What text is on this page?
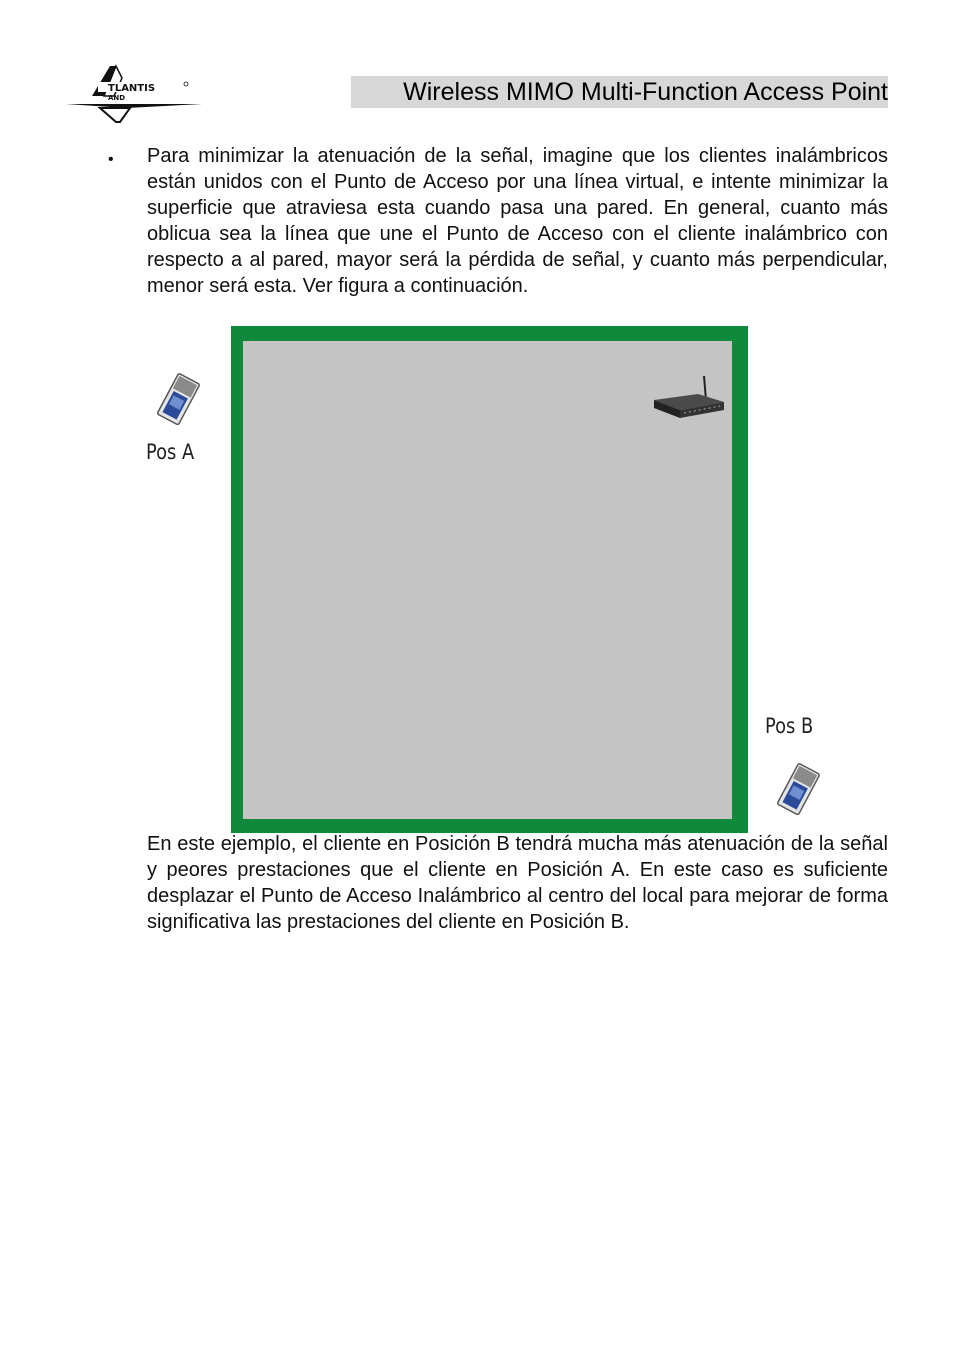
TLANTIS
AND	Wireless MIMO Multi-Function Access Point
• Para minimizar la atenuación de la señal, imagine que los clientes inalámbricos están unidos con el Punto de Acceso por una línea virtual, e intente minimizar la superficie que atraviesa esta cuando pasa una pared. En general, cuanto más oblicua sea la línea que une el Punto de Acceso con el cliente inalámbrico con respecto a al pared, mayor será la pérdida de señal, y cuanto más perpendicular, menor será esta. Ver figura a continuación.

Pos A
Pos B

En este ejemplo, el cliente en Posición B tendrá mucha más atenuación de la señal y peores prestaciones que el cliente en Posición A. En este caso es suficiente desplazar el Punto de Acceso Inalámbrico al centro del local para mejorar de forma significativa las prestaciones del cliente en Posición B.
